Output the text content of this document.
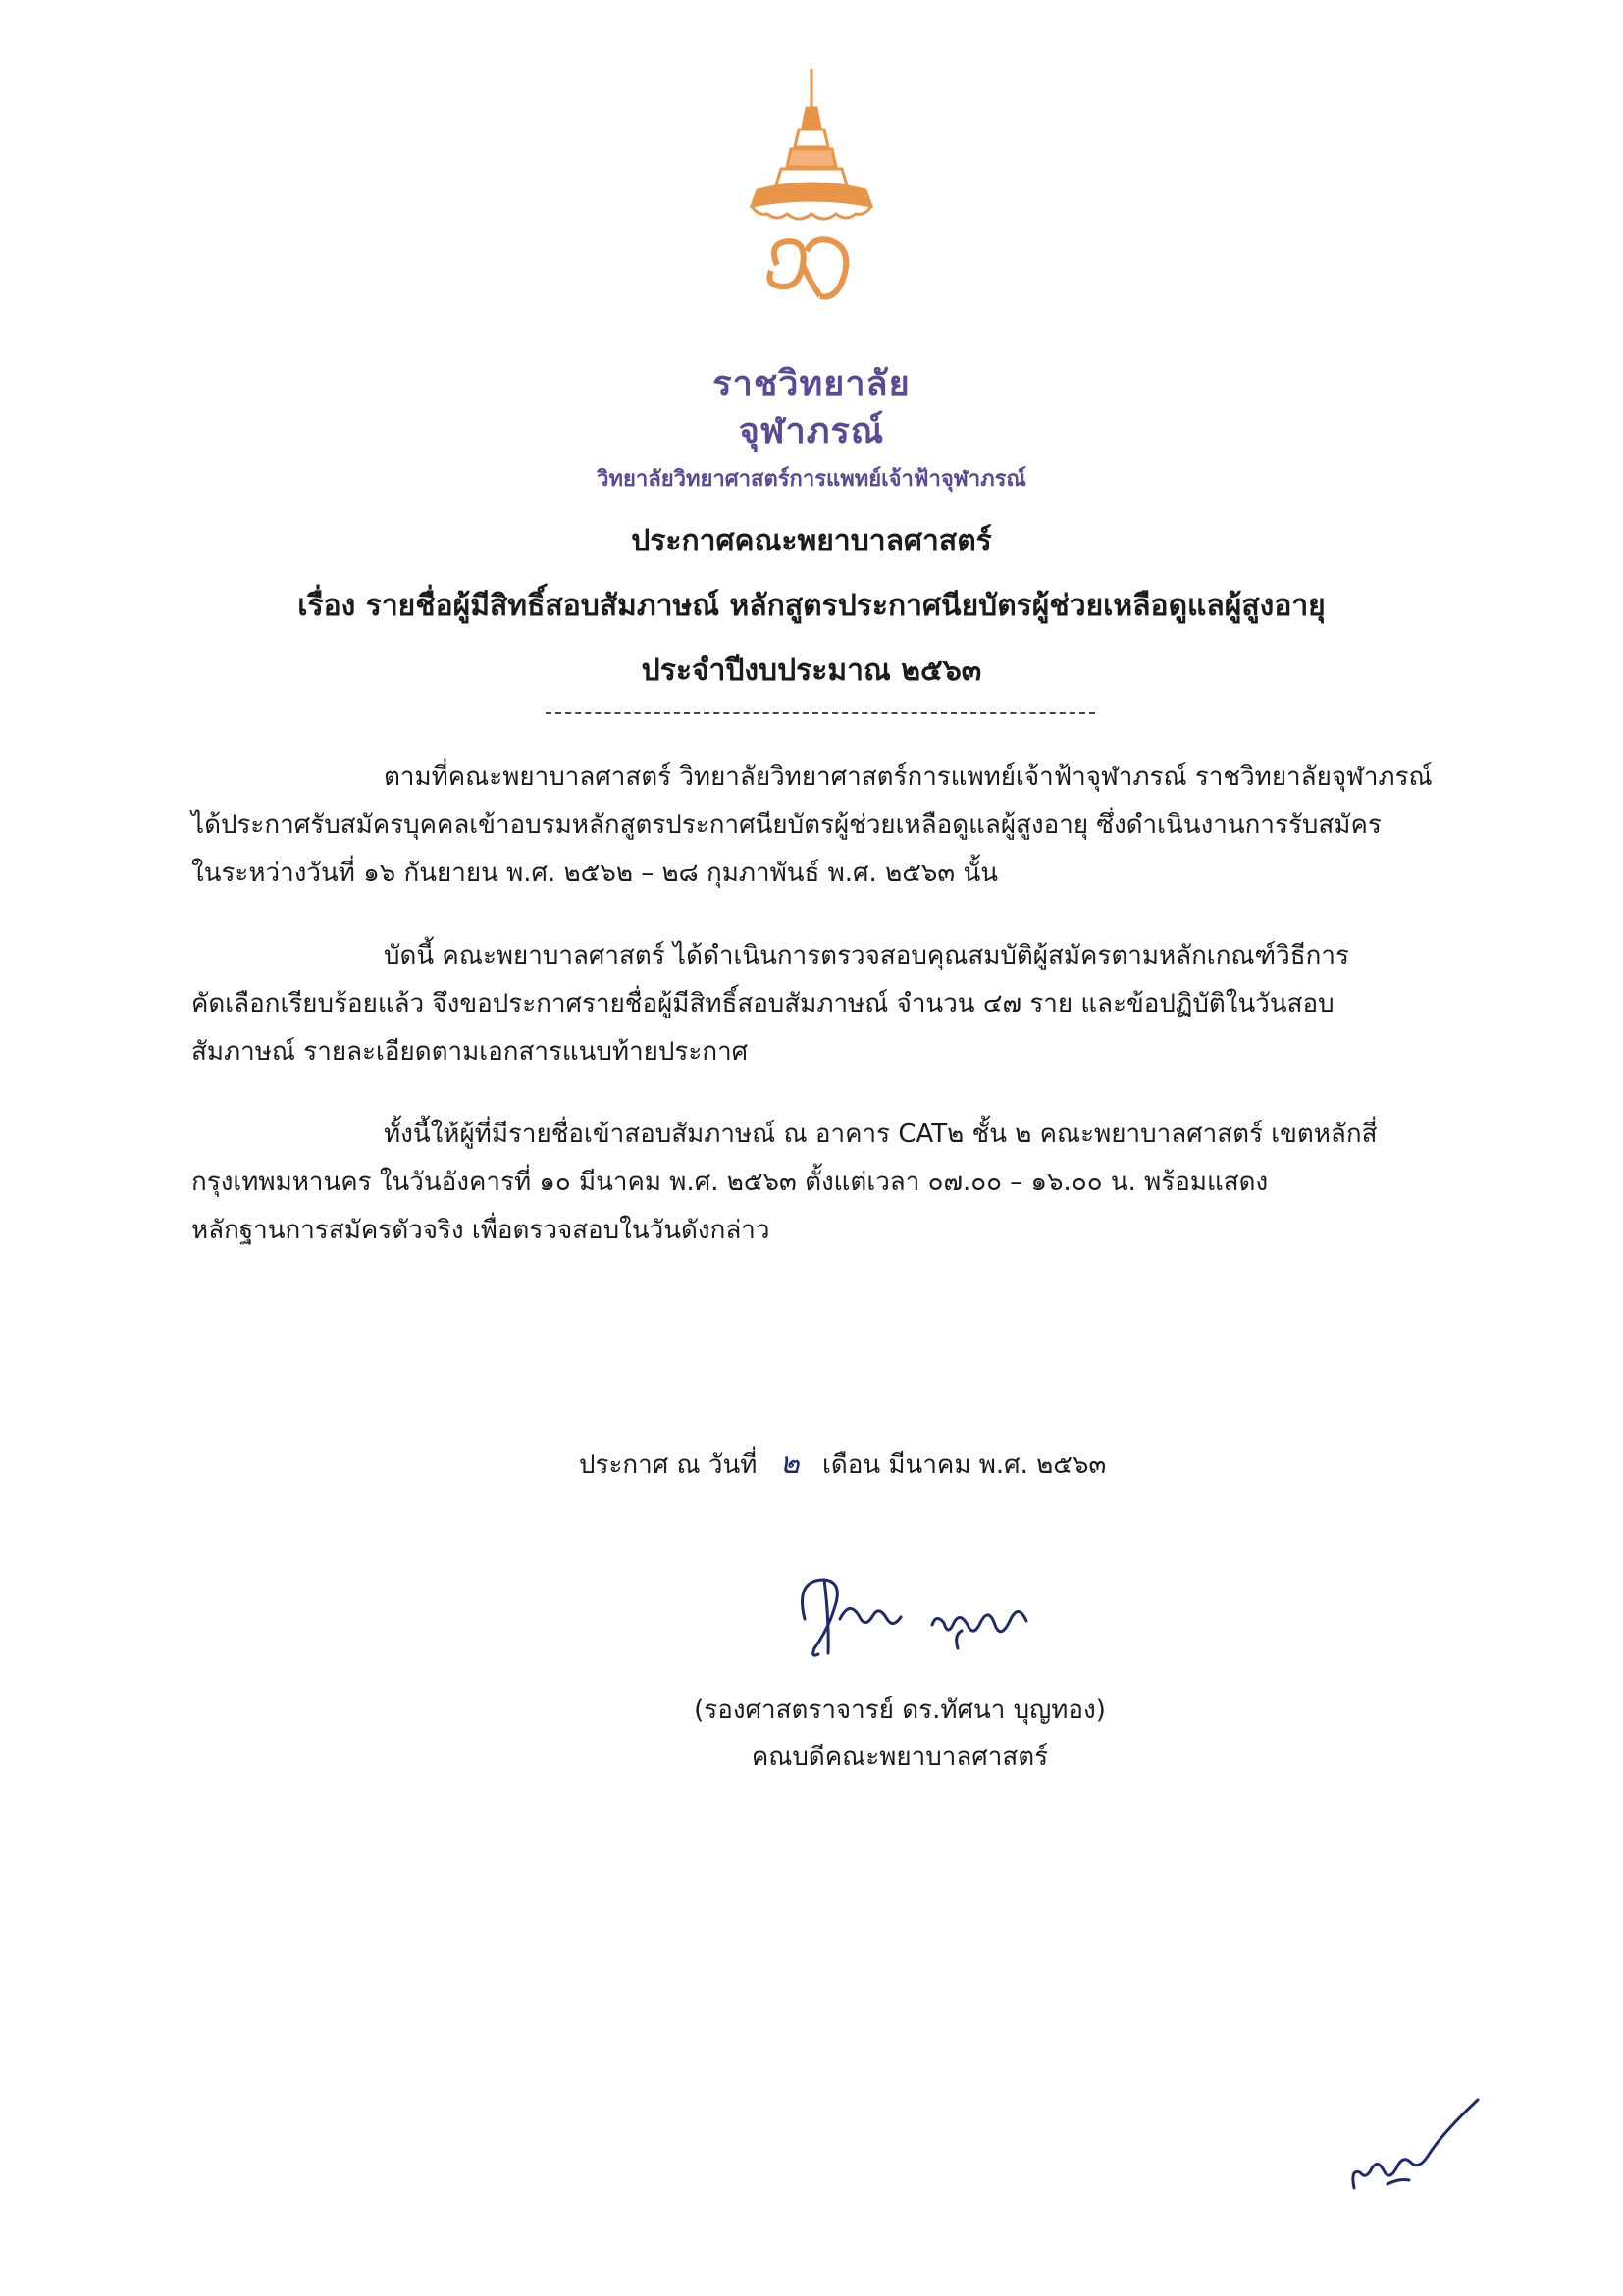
ราชวิทยาลัย
จุฬาภรณ์
วิทยาลัยวิทยาศาสตร์การแพทย์เจ้าฟ้าจุฬาภรณ์
ประกาศคณะพยาบาลศาสตร์
เรื่อง รายชื่อผู้มีสิทธิ์สอบสัมภาษณ์ หลักสูตรประกาศนียบัตรผู้ช่วยเหลือดูแลผู้สูงอายุ
ประจำปีงบประมาณ ๒๕๖๓
ตามที่คณะพยาบาลศาสตร์ วิทยาลัยวิทยาศาสตร์การแพทย์เจ้าฟ้าจุฬาภรณ์ ราชวิทยาลัยจุฬาภรณ์
ได้ประกาศรับสมัครบุคคลเข้าอบรมหลักสูตรประกาศนียบัตรผู้ช่วยเหลือดูแลผู้สูงอายุ ซึ่งดำเนินงานการรับสมัคร
ในระหว่างวันที่ ๑๖ กันยายน พ.ศ. ๒๕๖๒ – ๒๘ กุมภาพันธ์ พ.ศ. ๒๕๖๓ นั้น
บัดนี้ คณะพยาบาลศาสตร์ ได้ดำเนินการตรวจสอบคุณสมบัติผู้สมัครตามหลักเกณฑ์วิธีการ
คัดเลือกเรียบร้อยแล้ว จึงขอประกาศรายชื่อผู้มีสิทธิ์สอบสัมภาษณ์ จำนวน ๔๗ ราย และข้อปฏิบัติในวันสอบ
สัมภาษณ์ รายละเอียดตามเอกสารแนบท้ายประกาศ
ทั้งนี้ให้ผู้ที่มีรายชื่อเข้าสอบสัมภาษณ์ ณ อาคาร CAT๒ ชั้น ๒ คณะพยาบาลศาสตร์ เขตหลักสี่
กรุงเทพมหานคร ในวันอังคารที่ ๑๐ มีนาคม พ.ศ. ๒๕๖๓ ตั้งแต่เวลา ๐๗.๐๐ – ๑๖.๐๐ น. พร้อมแสดง
หลักฐานการสมัครตัวจริง เพื่อตรวจสอบในวันดังกล่าว
ประกาศ ณ วันที่ ๒ เดือน มีนาคม พ.ศ. ๒๕๖๓
(รองศาสตราจารย์ ดร.ทัศนา บุญทอง)
คณบดีคณะพยาบาลศาสตร์
